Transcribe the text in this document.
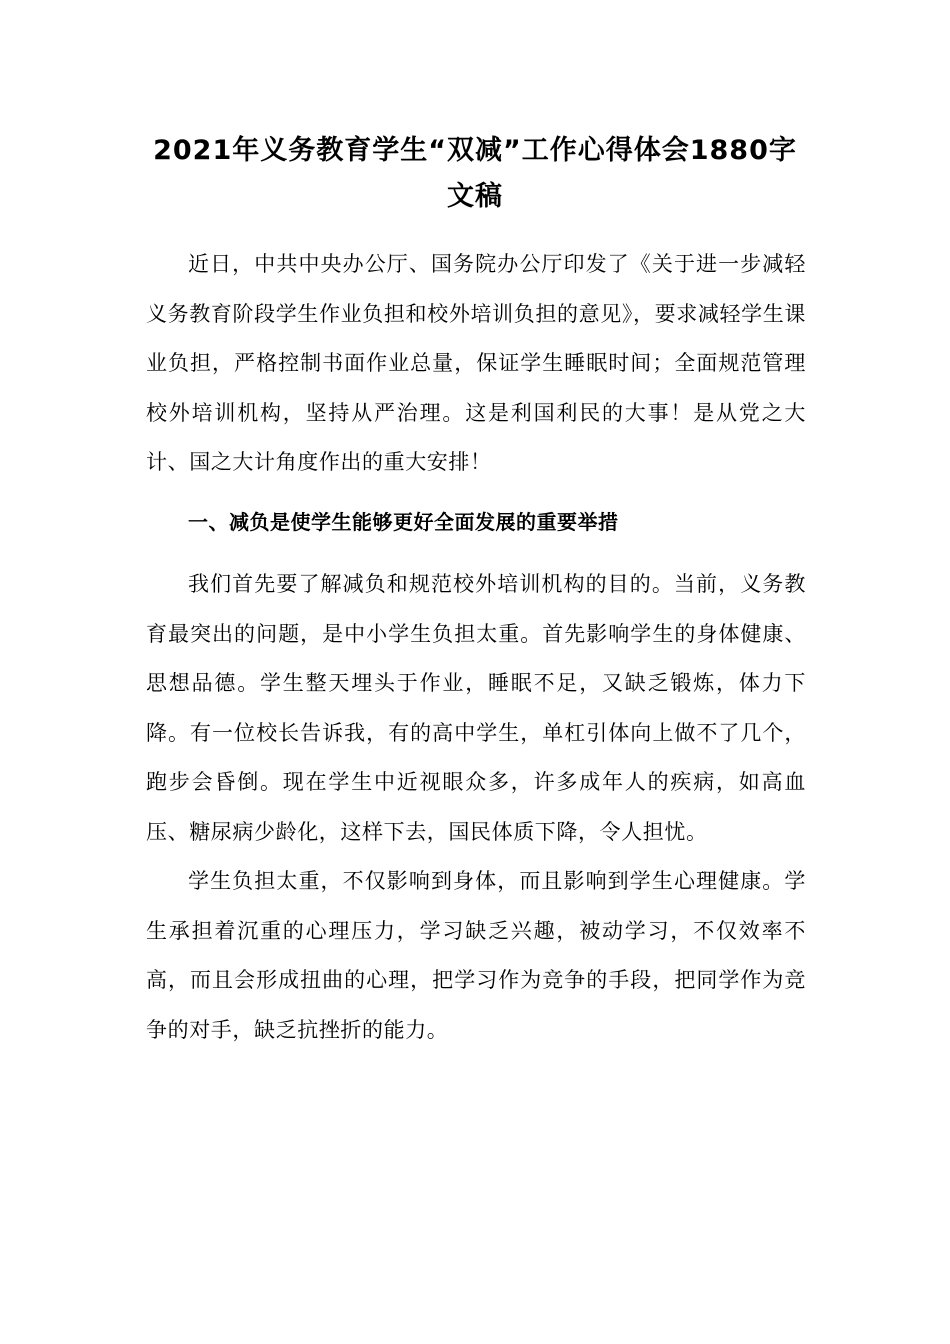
2021年义务教育学生“双减”工作心得体会1880字文稿

近日，中共中央办公厅、国务院办公厅印发了《关于进一步减轻义务教育阶段学生作业负担和校外培训负担的意见》，要求减轻学生课业负担，严格控制书面作业总量，保证学生睡眠时间；全面规范管理校外培训机构，坚持从严治理。这是利国利民的大事！是从党之大计、国之大计角度作出的重大安排！

一、减负是使学生能够更好全面发展的重要举措

我们首先要了解减负和规范校外培训机构的目的。当前，义务教育最突出的问题，是中小学生负担太重。首先影响学生的身体健康、思想品德。学生整天埋头于作业，睡眠不足，又缺乏锻炼，体力下降。有一位校长告诉我，有的高中学生，单杠引体向上做不了几个，跑步会昏倒。现在学生中近视眼众多，许多成年人的疾病，如高血压、糖尿病少龄化，这样下去，国民体质下降，令人担忧。

学生负担太重，不仅影响到身体，而且影响到学生心理健康。学生承担着沉重的心理压力，学习缺乏兴趣，被动学习，不仅效率不高，而且会形成扭曲的心理，把学习作为竞争的手段，把同学作为竞争的对手，缺乏抗挫折的能力。
